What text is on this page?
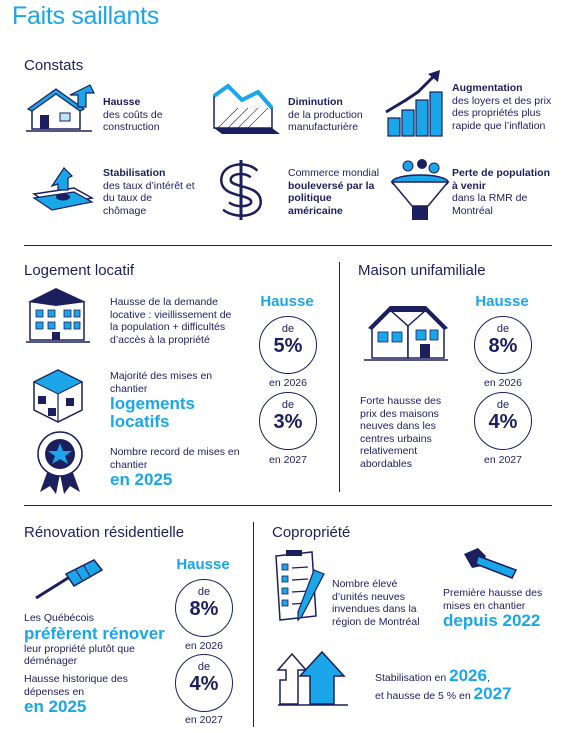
Faits saillants
Constats
Hausse
des coûts de construction
Diminution
de la production manufacturière
Augmentation
des loyers et des prix des propriétés plus rapide que l’inflation
Stabilisation
des taux d’intérêt et du taux de chômage
Commerce mondial
bouleversé par la politique américaine
Perte de population à venir
dans la RMR de Montréal
Logement locatif
Hausse de la demande locative : vieillissement de la population + difficultés d’accès à la propriété
Majorité des mises en chantier
logements locatifs
Nombre record de mises en chantier
en 2025
Hausse
de
5%
en 2026
de
3%
en 2027
Maison unifamiliale
Forte hausse des prix des maisons neuves dans les centres urbains relativement abordables
Hausse
de
8%
en 2026
de
4%
en 2027
Rénovation résidentielle
Les Québécois
préfèrent rénover
leur propriété plutôt que déménager
Hausse historique des dépenses en
en 2025
Hausse
de
8%
en 2026
de
4%
en 2027
Copropriété
Nombre élevé d’unités neuves invendues dans la région de Montréal
Première hausse des mises en chantier
depuis 2022
Stabilisation en 2026,
et hausse de 5 % en 2027
